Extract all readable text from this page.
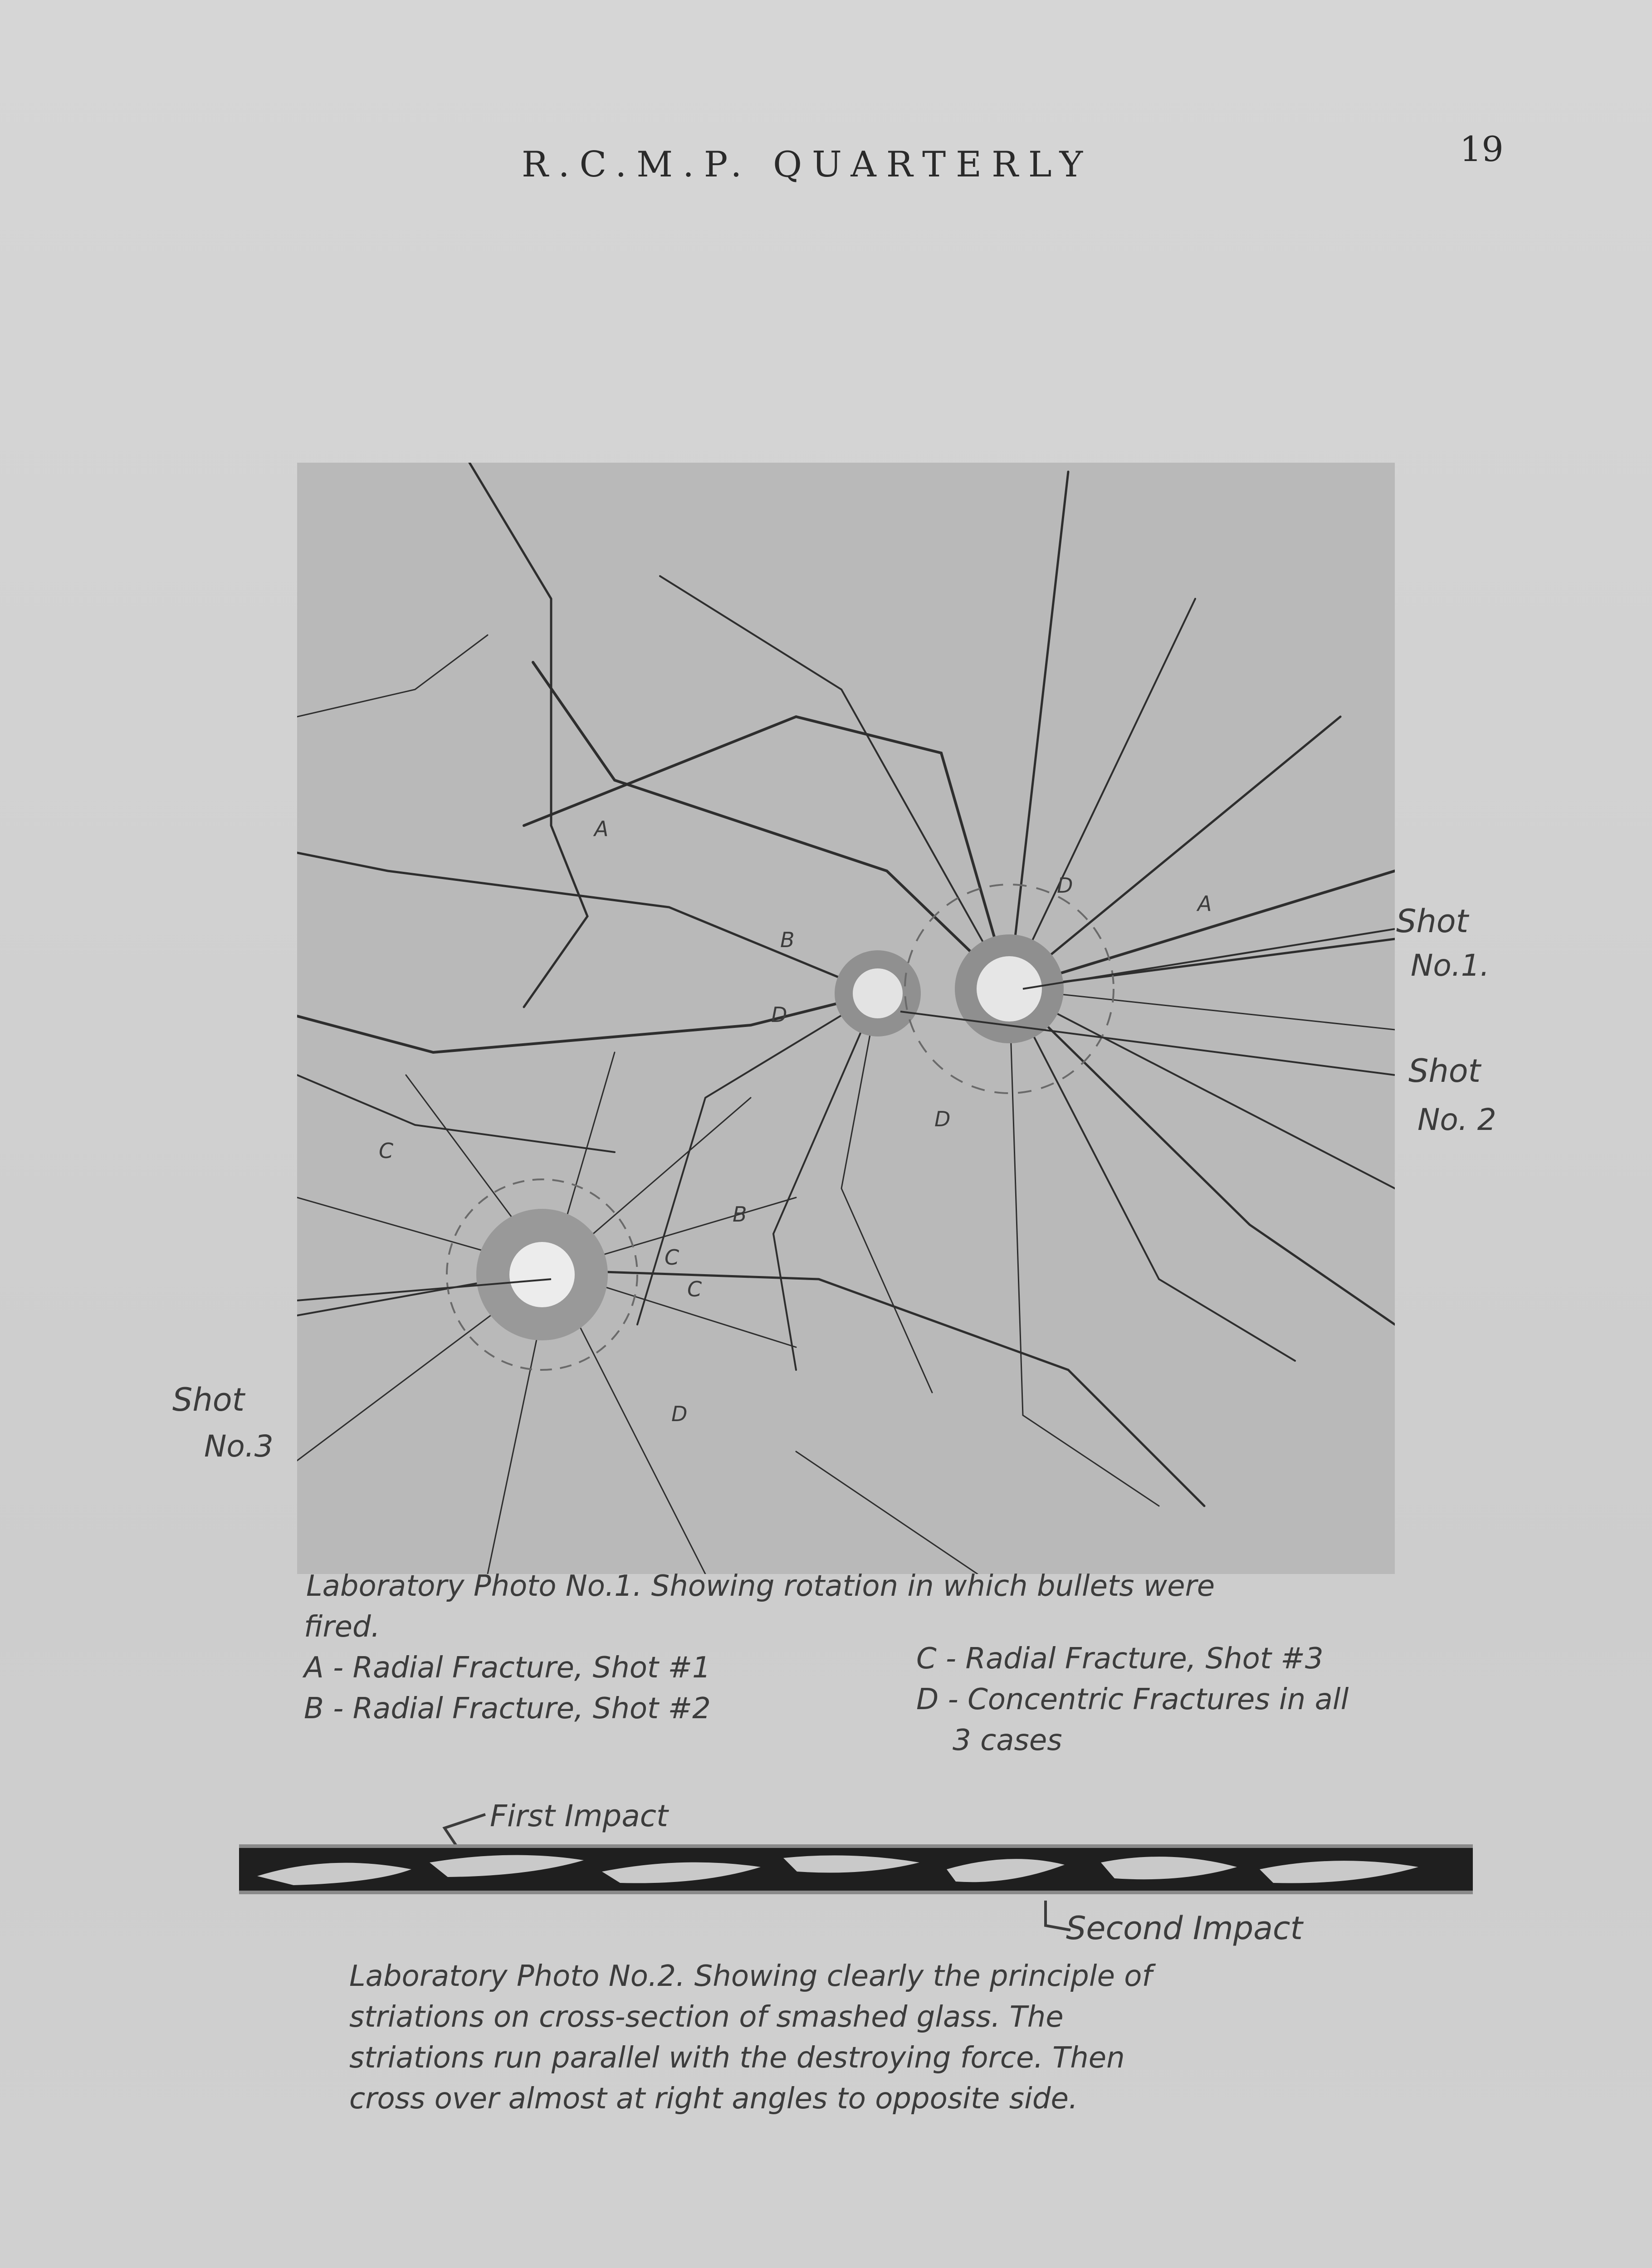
R.C.M.P. QUARTERLY	19
A
A
B
B
C
C
C
D
D
D
D
Shot
No.1.
Shot
No. 2
Shot
No.3
Laboratory Photo No.1. Showing rotation in which bullets were
fired.
A - Radial Fracture, Shot #1
B - Radial Fracture, Shot #2
C - Radial Fracture, Shot #3
D - Concentric Fractures in all
3 cases
First Impact
Second Impact
Laboratory Photo No.2. Showing clearly the principle of
striations on cross-section of smashed glass. The
striations run parallel with the destroying force. Then
cross over almost at right angles to opposite side.
